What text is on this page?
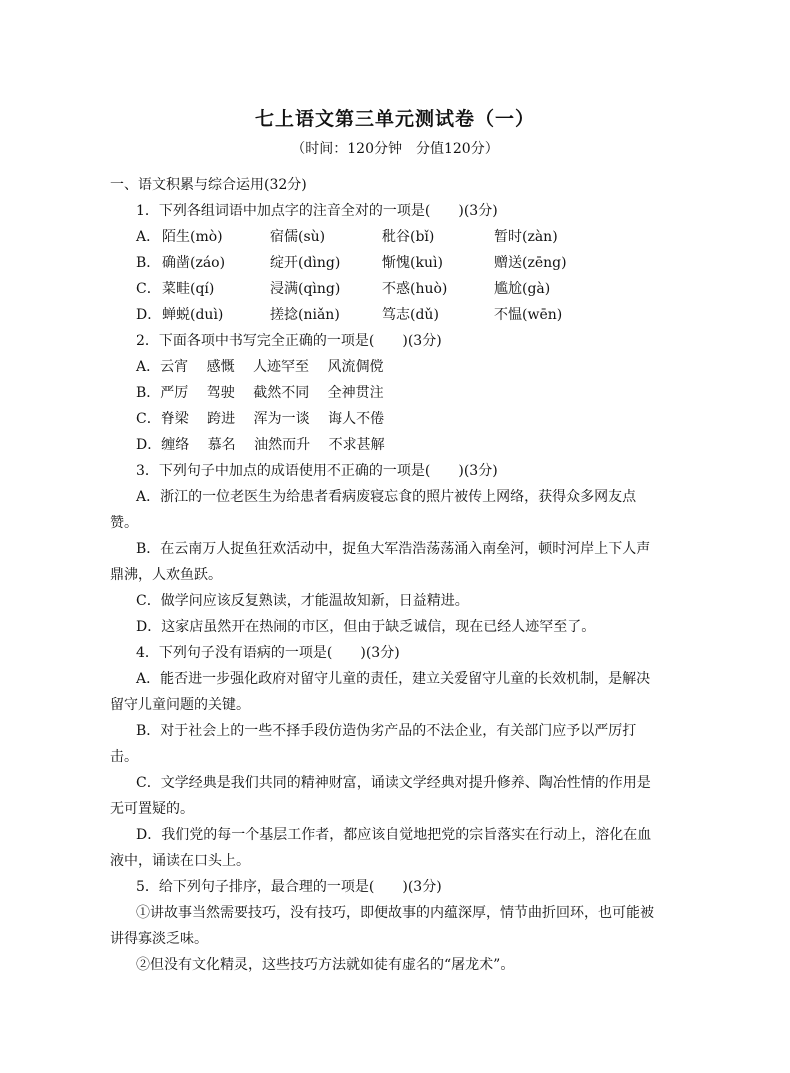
七上语文第三单元测试卷（一）
（时间：120分钟　分值120分）
一、语文积累与综合运用(32分)
1．下列各组词语中加点字的注音全对的一项是(　　)(3分)
A． 陌生(mò)	宿儒(sù)	秕谷(bǐ)	暂时(zàn)
B． 确凿(záo)	绽开(dìng)	惭愧(kuì)	赠送(zēng)
C． 菜畦(qí)	浸满(qìng)	不惑(huò)	尴尬(gà)
D． 蝉蜕(duì)	搓捻(niǎn)	笃志(dǔ)	不愠(wēn)
2．下面各项中书写完全正确的一项是(　　)(3分)
A．云宵　 感慨　 人迹罕至　 风流倜傥
B．严厉　 驾驶　 截然不同　 全神贯注
C．脊梁　 跨进　 浑为一谈　 诲人不倦
D．缠络　 慕名　 油然而升　 不求甚解
3．下列句子中加点的成语使用不正确的一项是(　　)(3分)
A．浙江的一位老医生为给患者看病废寝忘食的照片被传上网络，获得众多网友点
赞。
B．在云南万人捉鱼狂欢活动中，捉鱼大军浩浩荡荡涌入南垒河，顿时河岸上下人声
鼎沸，人欢鱼跃。
C．做学问应该反复熟读，才能温故知新，日益精进。
D．这家店虽然开在热闹的市区，但由于缺乏诚信，现在已经人迹罕至了。
4．下列句子没有语病的一项是(　　)(3分)
A．能否进一步强化政府对留守儿童的责任，建立关爱留守儿童的长效机制，是解决
留守儿童问题的关键。
B．对于社会上的一些不择手段仿造伪劣产品的不法企业，有关部门应予以严厉打
击。
C．文学经典是我们共同的精神财富，诵读文学经典对提升修养、陶冶性情的作用是
无可置疑的。
D．我们党的每一个基层工作者，都应该自觉地把党的宗旨落实在行动上，溶化在血
液中，诵读在口头上。
5．给下列句子排序，最合理的一项是(　　)(3分)
①讲故事当然需要技巧，没有技巧，即便故事的内蕴深厚，情节曲折回环，也可能被
讲得寡淡乏味。
②但没有文化精灵，这些技巧方法就如徒有虚名的“屠龙术”。
